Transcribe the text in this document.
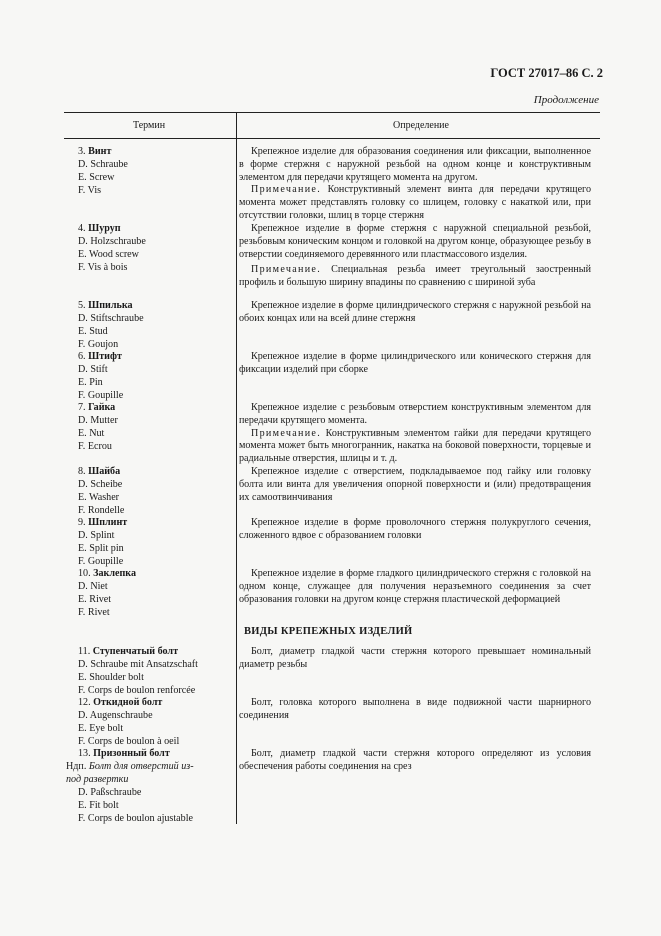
ГОСТ 27017–86 С. 2
Продолжение
Термин	Определение
3. Винт
D. Schraube
E. Screw
F. Vis

Крепежное изделие для образования соединения или фиксации, выполненное в форме стержня с наружной резьбой на одном конце и конструктивным элементом для передачи крутящего момента на другом.

Примечание. Конструктивный элемент винта для передачи крутящего момента может представлять головку со шлицем, головку с накаткой или, при отсутствии головки, шлиц в торце стержня

4. Шуруп
D. Holzschraube
E. Wood screw
F. Vis à bois

Крепежное изделие в форме стержня с наружной специальной резьбой, резьбовым коническим концом и головкой на другом конце, образующее резьбу в отверстии соединяемого деревянного или пластмассового изделия.

Примечание. Специальная резьба имеет треугольный заостренный профиль и большую ширину впадины по сравнению с шириной зуба

5. Шпилька
D. Stiftschraube
E. Stud
F. Goujon

Крепежное изделие в форме цилиндрического стержня с наружной резьбой на обоих концах или на всей длине стержня

6. Штифт
D. Stift
E. Pin
F. Goupille

Крепежное изделие в форме цилиндрического или конического стержня для фиксации изделий при сборке

7. Гайка
D. Mutter
E. Nut
F. Ecrou

Крепежное изделие с резьбовым отверстием конструктивным элементом для передачи крутящего момента.

Примечание. Конструктивным элементом гайки для передачи крутящего момента может быть многогранник, накатка на боковой поверхности, торцевые и радиальные отверстия, шлицы и т. д.

8. Шайба
D. Scheibe
E. Washer
F. Rondelle

Крепежное изделие с отверстием, подкладываемое под гайку или головку болта или винта для увеличения опорной поверхности и (или) предотвращения их самоотвинчивания

9. Шплинт
D. Splint
E. Split pin
F. Goupille

Крепежное изделие в форме проволочного стержня полукруглого сечения, сложенного вдвое с образованием головки

10. Заклепка
D. Niet
E. Rivet
F. Rivet

Крепежное изделие в форме гладкого цилиндрического стержня с головкой на одном конце, служащее для получения неразъемного соединения за счет образования головки на другом конце стержня пластической деформацией

ВИДЫ КРЕПЕЖНЫХ ИЗДЕЛИЙ
11. Ступенчатый болт
D. Schraube mit Ansatzschaft
E. Shoulder bolt
F. Corps de boulon renforcée

Болт, диаметр гладкой части стержня которого превышает номинальный диаметр резьбы

12. Откидной болт
D. Augenschraube
E. Eye bolt
F. Corps de boulon à oeil

Болт, головка которого выполнена в виде подвижной части шарнирного соединения

13. Призонный болт
Ндп. Болт для отверстий из-
под развертки
D. Paßschraube
E. Fit bolt
F. Corps de boulon ajustable

Болт, диаметр гладкой части стержня которого определяют из условия обеспечения работы соединения на срез
